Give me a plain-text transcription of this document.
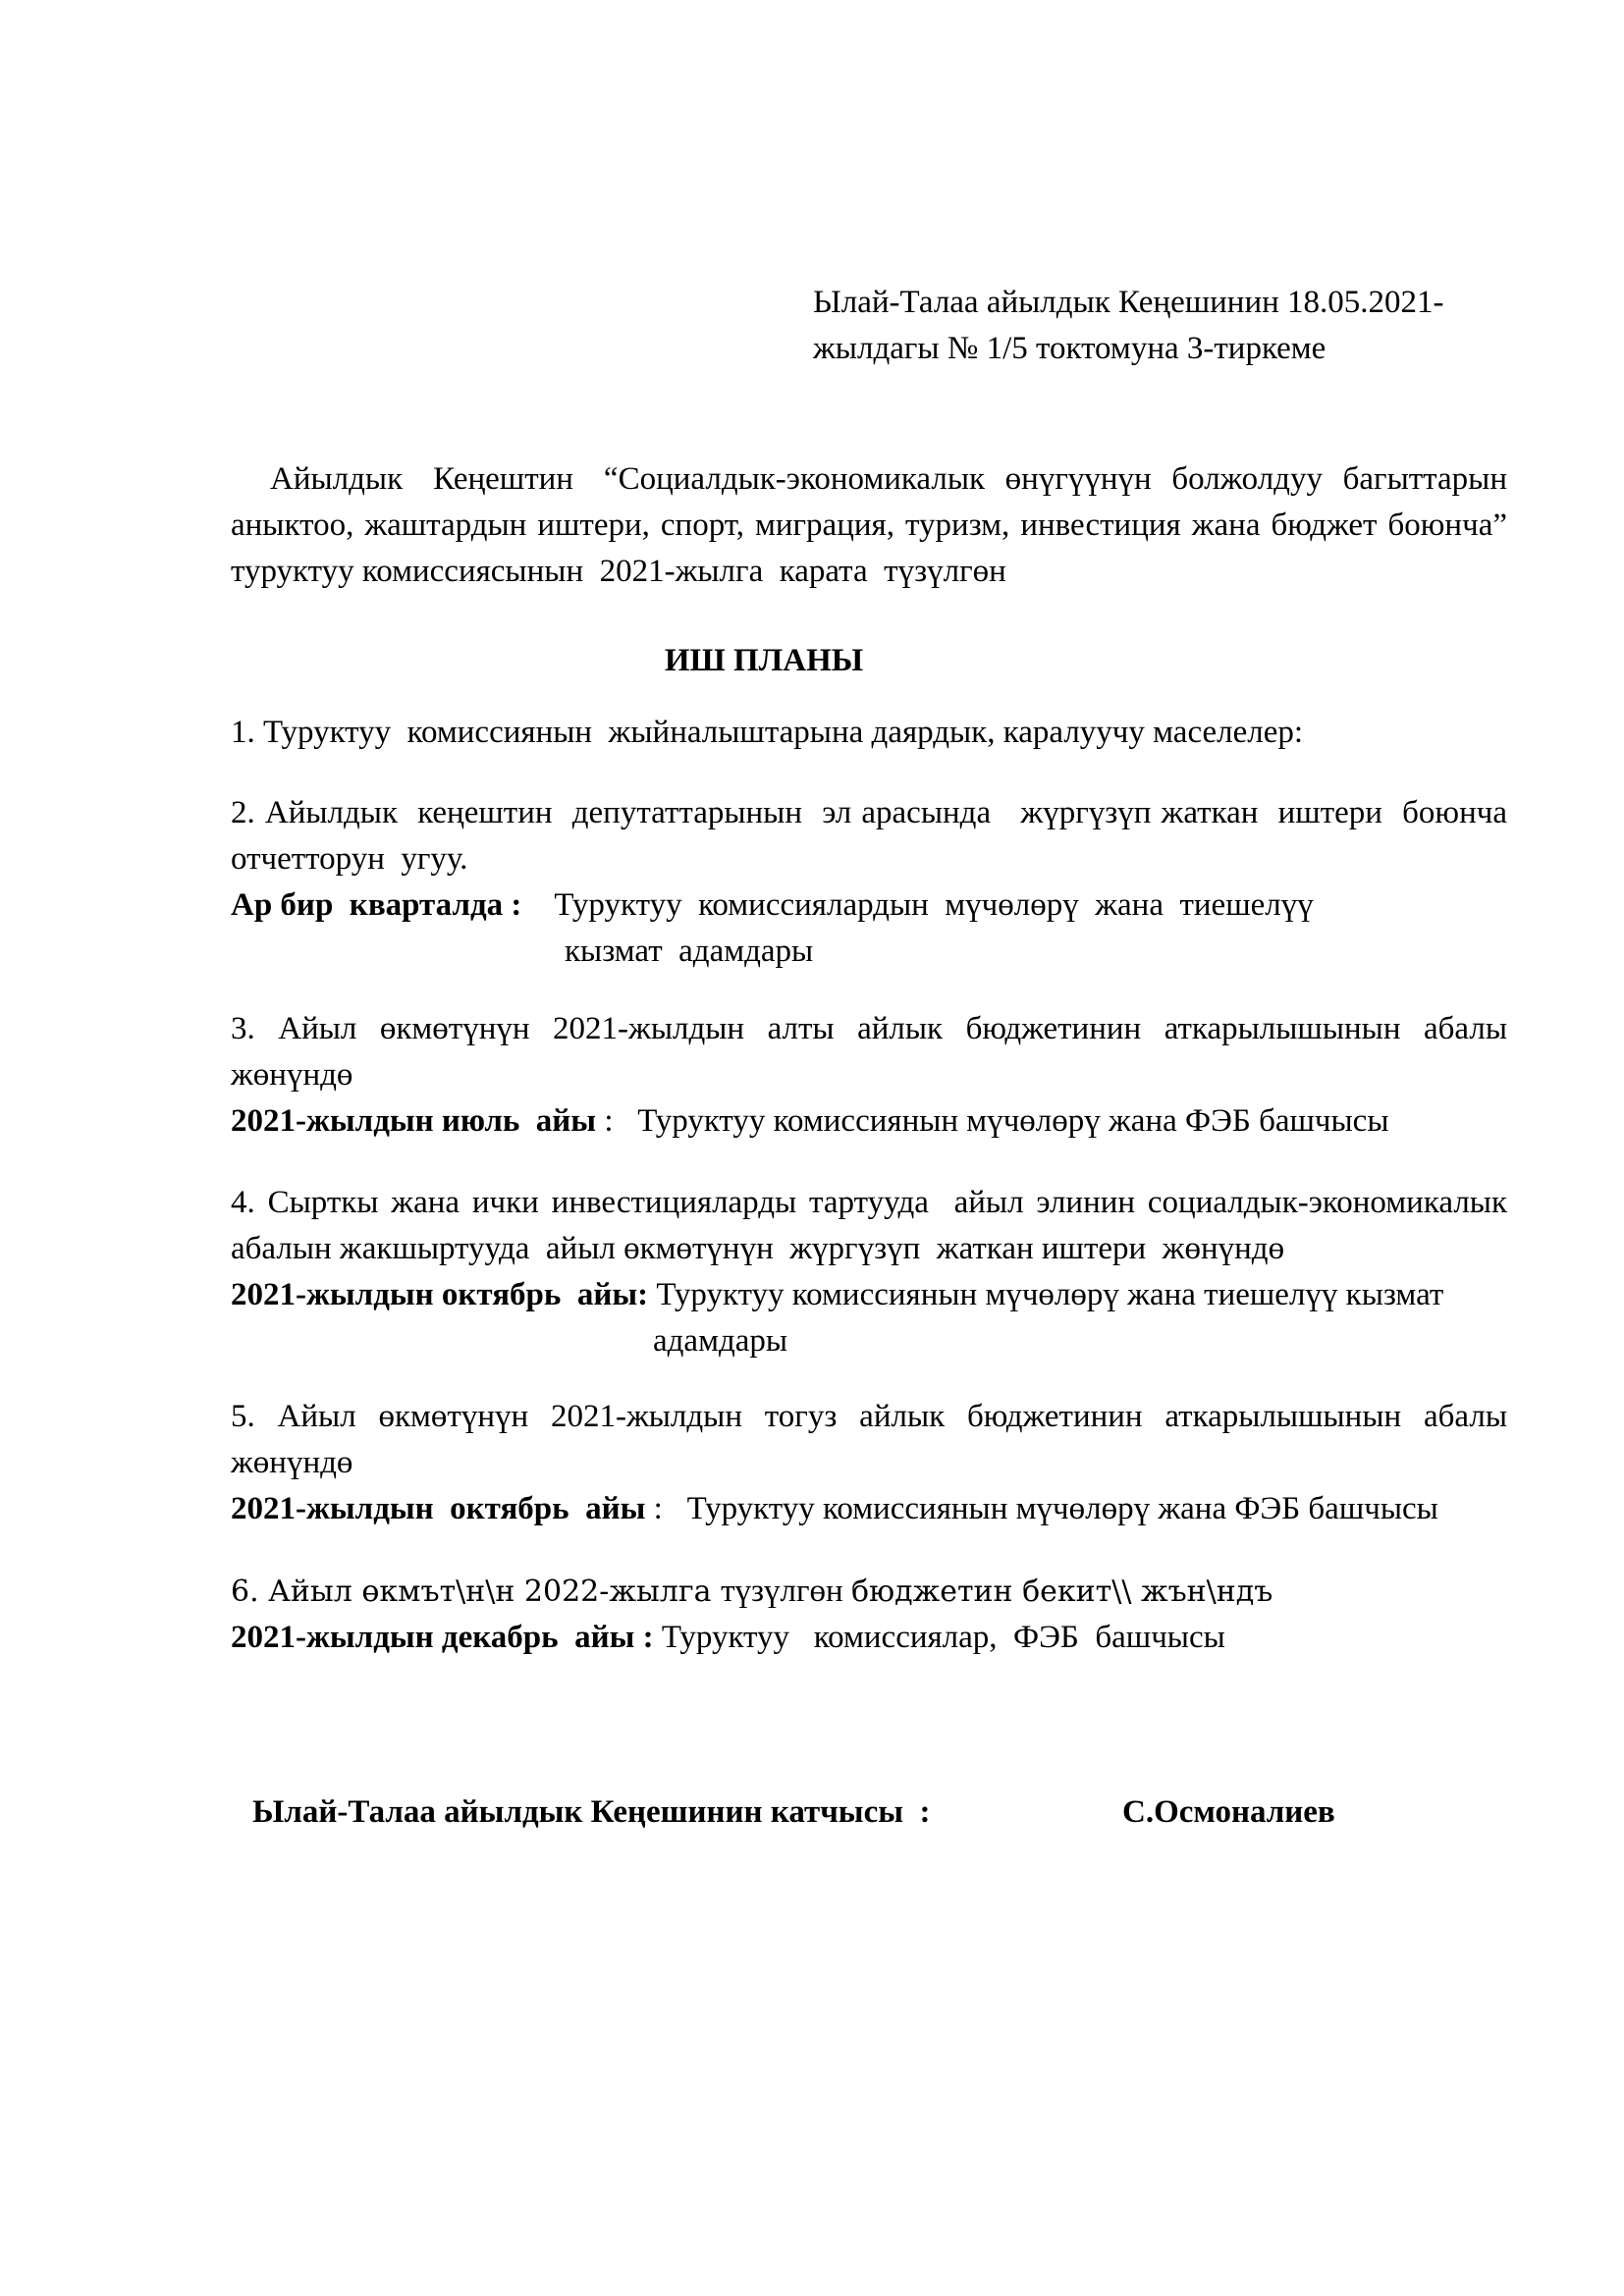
Ылай-Талаа айылдык Кеңешинин 18.05.2021-
жылдагы № 1/5 токтомуна 3-тиркеме
Айылдык   Кеңештин   “Социалдык-экономикалык  өнүгүүнүн  болжолдуу  багыттарын
аныктоо, жаштардын иштери, спорт, миграция, туризм, инвестиция жана бюджет боюнча”
туруктуу комиссиясынын  2021-жылга  карата  түзүлгөн
ИШ ПЛАНЫ
1. Туруктуу  комиссиянын  жыйналыштарына даярдык, каралуучу маселелер:
2. Айылдык  кеңештин  депутаттарынын  эл арасында   жүргүзүп жаткан  иштери  боюнча
отчетторун  угуу.
Ар бир  кварталда :    Туруктуу  комиссиялардын  мүчөлөрү  жана  тиешелүү
кызмат  адамдары
3.  Айыл  өкмөтүнүн  2021-жылдын  алты  айлык  бюджетинин  аткарылышынын  абалы
жөнүндө
2021-жылдын июль  айы :   Туруктуу комиссиянын мүчөлөрү жана ФЭБ башчысы
4. Сырткы жана ички инвестицияларды тартууда  айыл элинин социалдык-экономикалык
абалын жакшыртууда  айыл өкмөтүнүн  жүргүзүп  жаткан иштери  жөнүндө
2021-жылдын октябрь  айы: Туруктуу комиссиянын мүчөлөрү жана тиешелүү кызмат
адамдары
5.  Айыл  өкмөтүнүн  2021-жылдын  тогуз  айлык  бюджетинин  аткарылышынын  абалы
жөнүндө
2021-жылдын  октябрь  айы :   Туруктуу комиссиянын мүчөлөрү жана ФЭБ башчысы
6. Айыл өкмът\н\н 2022-жылга түзүлгөн бюджетин бекит\\ жън\ндъ
2021-жылдын декабрь  айы : Туруктуу   комиссиялар,  ФЭБ  башчысы
Ылай-Талаа айылдык Кеңешинин катчысы  :	С.Осмоналиев
